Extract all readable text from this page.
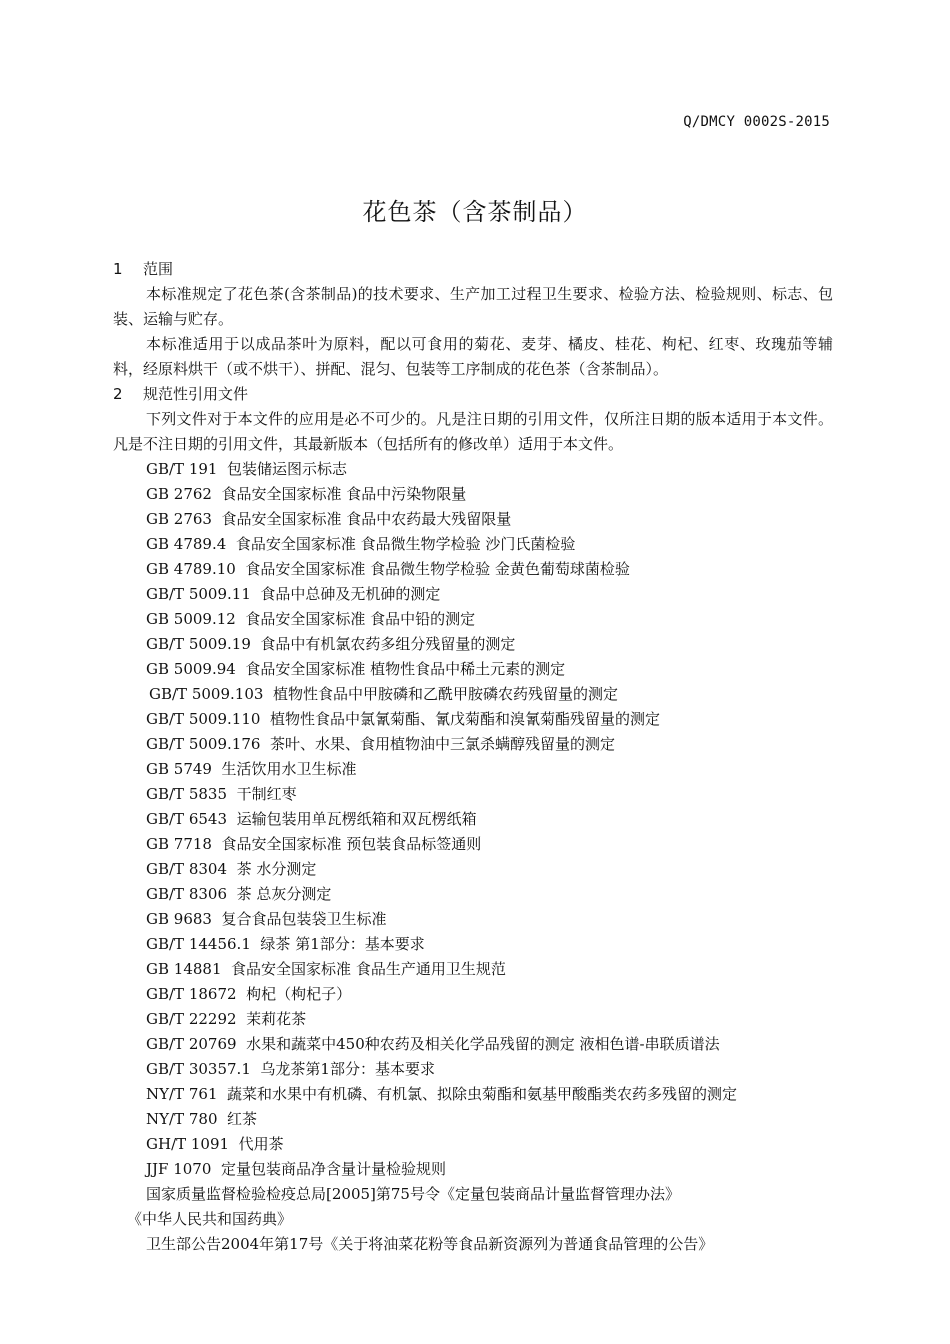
Q/DMCY 0002S-2015
花色茶（含茶制品）
1 范围
本标准规定了花色茶(含茶制品)的技术要求、生产加工过程卫生要求、检验方法、检验规则、标志、包装、运输与贮存。
本标准适用于以成品茶叶为原料，配以可食用的菊花、麦芽、橘皮、桂花、枸杞、红枣、玫瑰茄等辅料，经原料烘干（或不烘干）、拼配、混匀、包装等工序制成的花色茶（含茶制品）。
2 规范性引用文件
下列文件对于本文件的应用是必不可少的。凡是注日期的引用文件，仅所注日期的版本适用于本文件。凡是不注日期的引用文件，其最新版本（包括所有的修改单）适用于本文件。
GB/T 191 包装储运图示标志
GB 2762 食品安全国家标准 食品中污染物限量
GB 2763 食品安全国家标准 食品中农药最大残留限量
GB 4789.4 食品安全国家标准 食品微生物学检验 沙门氏菌检验
GB 4789.10 食品安全国家标准 食品微生物学检验 金黄色葡萄球菌检验
GB/T 5009.11 食品中总砷及无机砷的测定
GB 5009.12 食品安全国家标准 食品中铅的测定
GB/T 5009.19 食品中有机氯农药多组分残留量的测定
GB 5009.94 食品安全国家标准 植物性食品中稀土元素的测定
GB/T 5009.103 植物性食品中甲胺磷和乙酰甲胺磷农药残留量的测定
GB/T 5009.110 植物性食品中氯氰菊酯、氰戊菊酯和溴氰菊酯残留量的测定
GB/T 5009.176 茶叶、水果、食用植物油中三氯杀螨醇残留量的测定
GB 5749 生活饮用水卫生标准
GB/T 5835 干制红枣
GB/T 6543 运输包装用单瓦楞纸箱和双瓦楞纸箱
GB 7718 食品安全国家标准 预包装食品标签通则
GB/T 8304 茶 水分测定
GB/T 8306 茶 总灰分测定
GB 9683 复合食品包装袋卫生标准
GB/T 14456.1 绿茶 第1部分：基本要求
GB 14881 食品安全国家标准 食品生产通用卫生规范
GB/T 18672 枸杞（枸杞子）
GB/T 22292 茉莉花茶
GB/T 20769 水果和蔬菜中450种农药及相关化学品残留的测定 液相色谱-串联质谱法
GB/T 30357.1 乌龙茶第1部分：基本要求
NY/T 761 蔬菜和水果中有机磷、有机氯、拟除虫菊酯和氨基甲酸酯类农药多残留的测定
NY/T 780 红茶
GH/T 1091 代用茶
JJF 1070 定量包装商品净含量计量检验规则
国家质量监督检验检疫总局[2005]第75号令《定量包装商品计量监督管理办法》
《中华人民共和国药典》
卫生部公告2004年第17号《关于将油菜花粉等食品新资源列为普通食品管理的公告》
